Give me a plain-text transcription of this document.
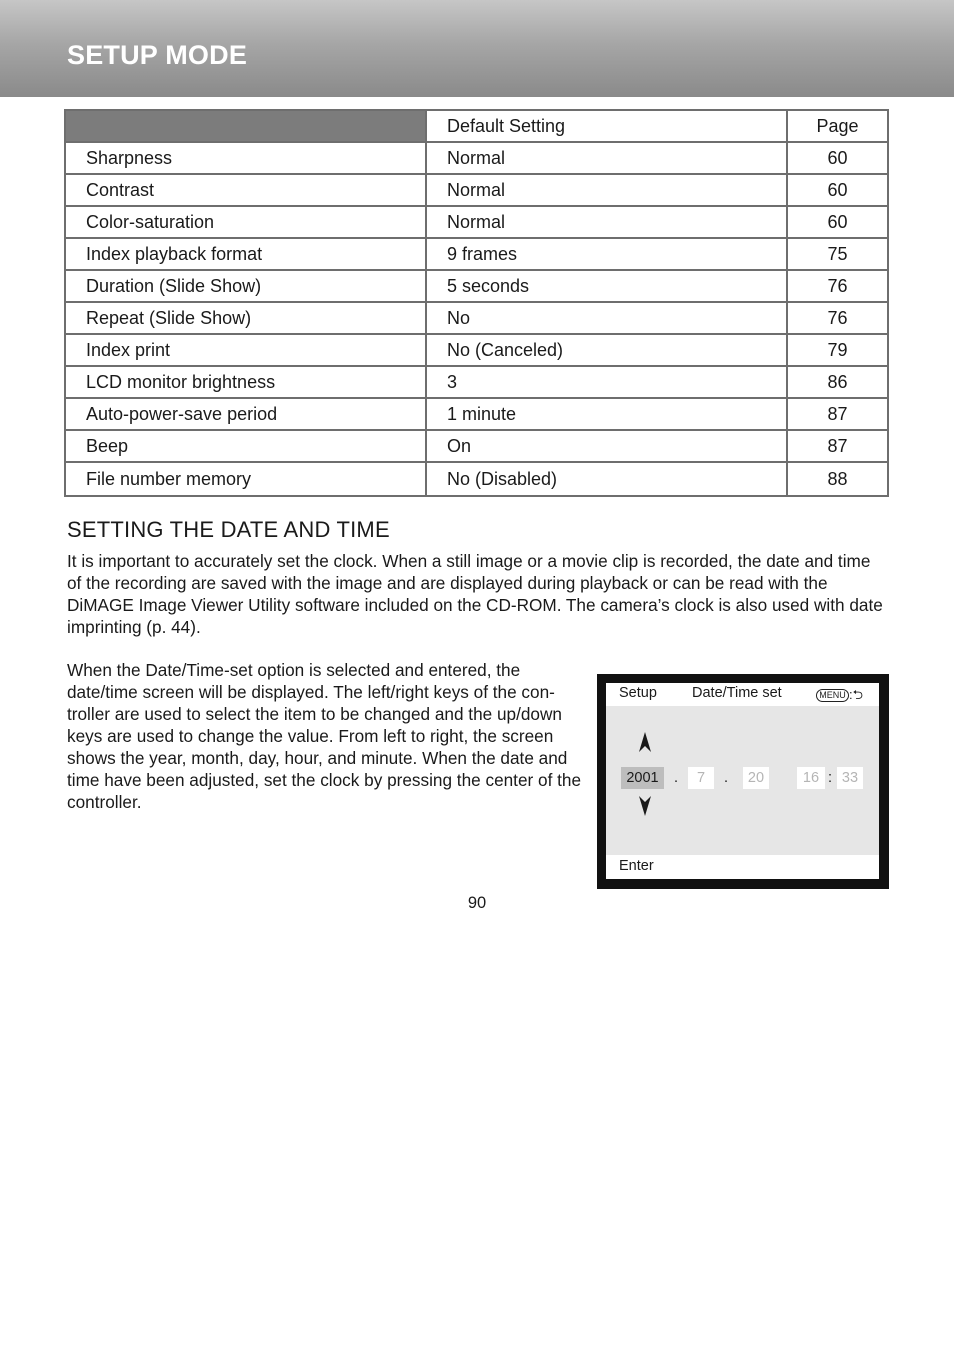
SETUP MODE
	Default Setting	Page
Sharpness	Normal	60
Contrast	Normal	60
Color-saturation	Normal	60
Index playback format	9 frames	75
Duration (Slide Show)	5 seconds	76
Repeat (Slide Show)	No	76
Index print	No (Canceled)	79
LCD monitor brightness	3	86
Auto-power-save period	1 minute	87
Beep	On	87
File number memory	No (Disabled)	88
SETTING THE DATE AND TIME
It is important to accurately set the clock. When a still image or a movie clip is recorded, the date and time of the recording are saved with the image and are displayed during playback or can be read with the DiMAGE Image Viewer Utility software included on the CD-ROM. The camera’s clock is also used with date imprinting (p. 44).
When the Date/Time-set option is selected and entered, the date/time screen will be displayed. The left/right keys of the con-troller are used to select the item to be changed and the up/down keys are used to change the value. From left to right, the screen shows the year, month, day, hour, and minute. When the date and time have been adjusted, set the clock by pressing the center of the controller.
Setup Date/Time set	MENU :⮌
2001	.	7	.	20	16 : 33
Enter
90
